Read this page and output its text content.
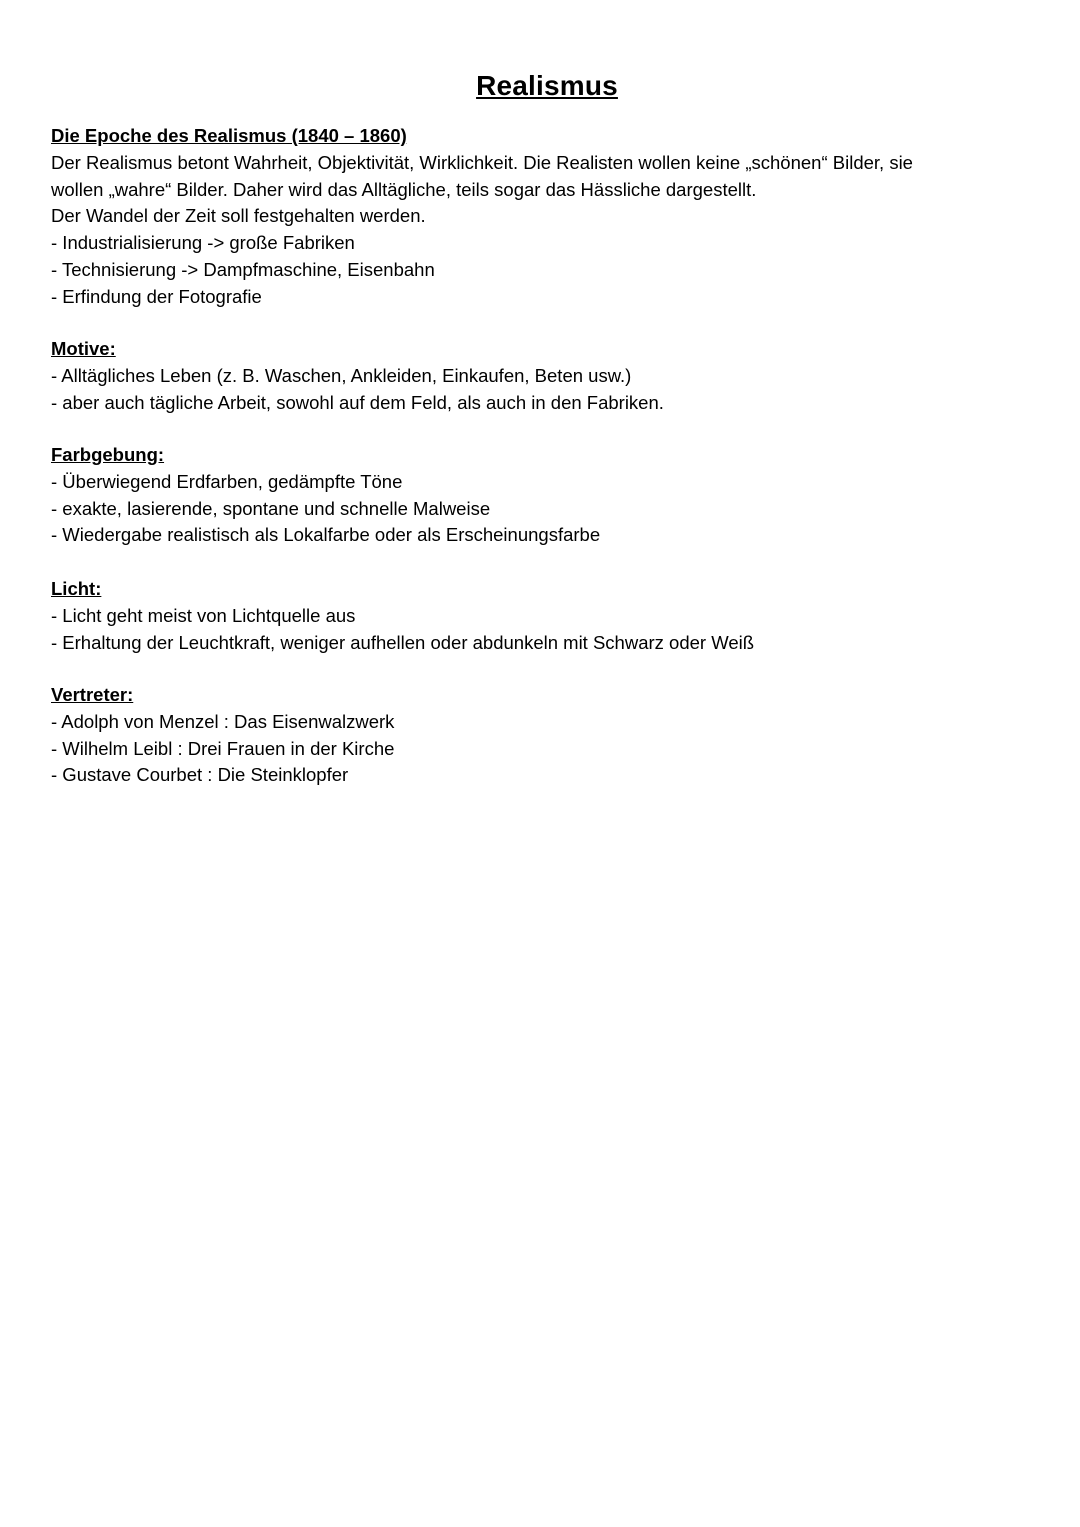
Realismus
Die Epoche des Realismus (1840 – 1860)
Der Realismus betont Wahrheit, Objektivität, Wirklichkeit. Die Realisten wollen keine „schönen“ Bilder, sie
wollen „wahre“ Bilder. Daher wird das Alltägliche, teils sogar das Hässliche dargestellt.
Der Wandel der Zeit soll festgehalten werden.
- Industrialisierung -> große Fabriken
- Technisierung -> Dampfmaschine, Eisenbahn
- Erfindung der Fotografie
Motive:
- Alltägliches Leben (z. B. Waschen, Ankleiden, Einkaufen, Beten usw.)
- aber auch tägliche Arbeit, sowohl auf dem Feld, als auch in den Fabriken.
Farbgebung:
- Überwiegend Erdfarben, gedämpfte Töne
- exakte, lasierende, spontane und schnelle Malweise
- Wiedergabe realistisch als Lokalfarbe oder als Erscheinungsfarbe
Licht:
- Licht geht meist von Lichtquelle aus
- Erhaltung der Leuchtkraft, weniger aufhellen oder abdunkeln mit Schwarz oder Weiß
Vertreter:
- Adolph von Menzel : Das Eisenwalzwerk
- Wilhelm Leibl : Drei Frauen in der Kirche
- Gustave Courbet : Die Steinklopfer
